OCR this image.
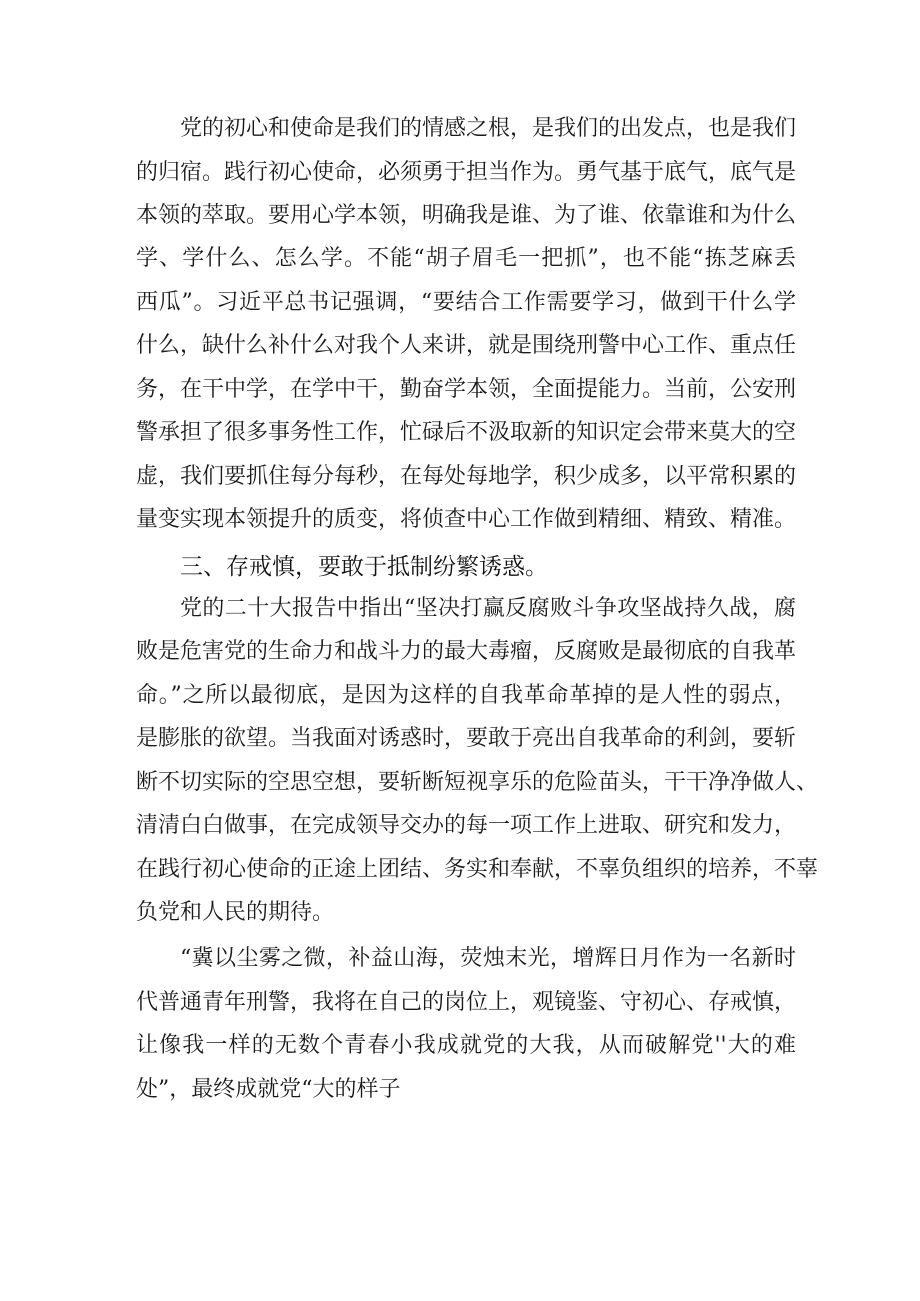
党的初心和使命是我们的情感之根，是我们的出发点，也是我们
的归宿。践行初心使命，必须勇于担当作为。勇气基于底气，底气是
本领的萃取。要用心学本领，明确我是谁、为了谁、依靠谁和为什么
学、学什么、怎么学。不能“胡子眉毛一把抓”，也不能“拣芝麻丢
西瓜”。习近平总书记强调，“要结合工作需要学习，做到干什么学
什么，缺什么补什么对我个人来讲，就是围绕刑警中心工作、重点任
务，在干中学，在学中干，勤奋学本领，全面提能力。当前，公安刑
警承担了很多事务性工作，忙碌后不汲取新的知识定会带来莫大的空
虚，我们要抓住每分每秒，在每处每地学，积少成多，以平常积累的
量变实现本领提升的质变，将侦查中心工作做到精细、精致、精准。
三、存戒慎，要敢于抵制纷繁诱惑。
党的二十大报告中指出“坚决打赢反腐败斗争攻坚战持久战，腐
败是危害党的生命力和战斗力的最大毒瘤，反腐败是最彻底的自我革
命。”之所以最彻底，是因为这样的自我革命革掉的是人性的弱点，
是膨胀的欲望。当我面对诱惑时，要敢于亮出自我革命的利剑，要斩
断不切实际的空思空想，要斩断短视享乐的危险苗头，干干净净做人、
清清白白做事，在完成领导交办的每一项工作上进取、研究和发力，
在践行初心使命的正途上团结、务实和奉献，不辜负组织的培养，不辜
负党和人民的期待。
“冀以尘雾之微，补益山海，荧烛末光，增辉日月作为一名新时
代普通青年刑警，我将在自己的岗位上，观镜鉴、守初心、存戒慎，
让像我一样的无数个青春小我成就党的大我，从而破解党''大的难
处”，最终成就党“大的样子
